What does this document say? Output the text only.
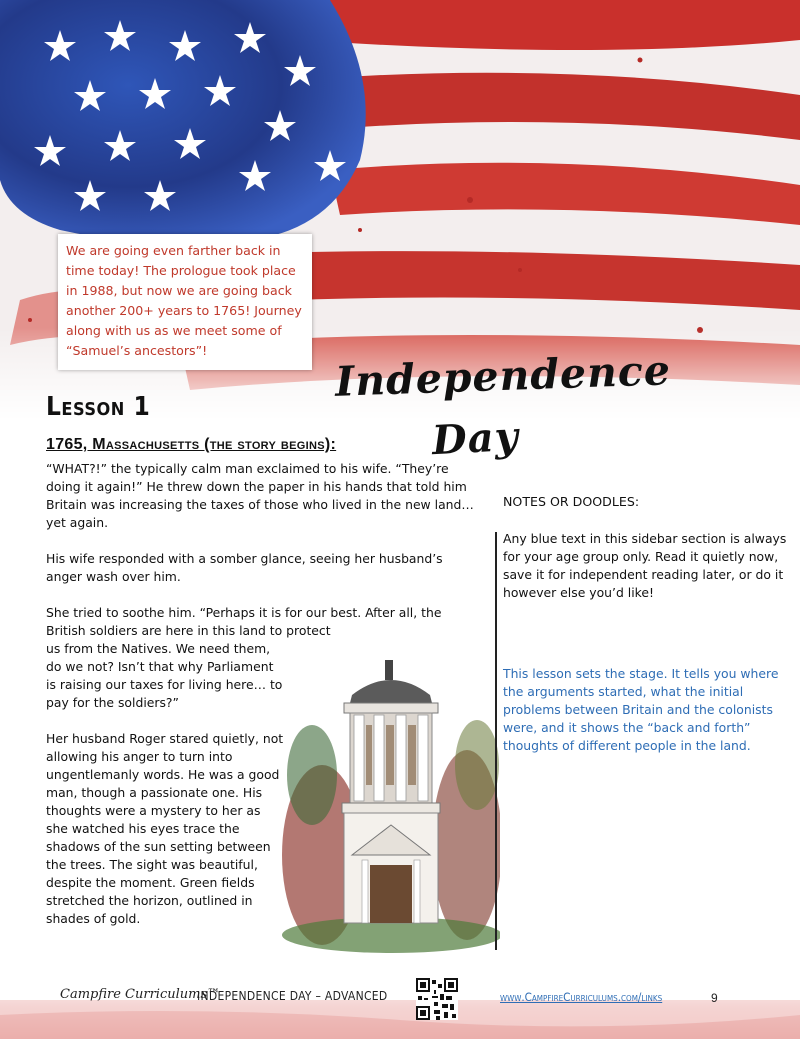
We are going even farther back in time today! The prologue took place in 1988, but now we are going back another 200+ years to 1765! Journey along with us as we meet some of “Samuel’s ancestors”!	Independence
Day
Lesson 1
1765, Massachusetts (the story begins):

“WHAT?!” the typically calm man exclaimed to his wife. “They’re doing it again!” He threw down the paper in his hands that told him Britain was increasing the taxes of those who lived in the new land… yet again.

His wife responded with a somber glance, seeing her husband’s anger wash over him.

She tried to soothe him. “Perhaps it is for our best. After all, the British soldiers are here in this land to protect

us from the Natives. We need them, do we not? Isn’t that why Parliament is raising our taxes for living here… to pay for the soldiers?”

Her husband Roger stared quietly, not allowing his anger to turn into ungentlemanly words. He was a good man, though a passionate one. His thoughts were a mystery to her as she watched his eyes trace the shadows of the sun setting between the trees. The sight was beautiful, despite the moment. Green fields stretched the horizon, outlined in shades of gold.

NOTES OR DOODLES:
Any blue text in this sidebar section is always for your age group only. Read it quietly now, save it for independent reading later, or do it however else you’d like!
This lesson sets the stage. It tells you where the arguments started, what the initial problems between Britain and the colonists were, and it shows the “back and forth” thoughts of different people in the land.
Campfire Curriculums™
INDEPENDENCE DAY – ADVANCED	www.CampfireCurriculums.com/links	9
